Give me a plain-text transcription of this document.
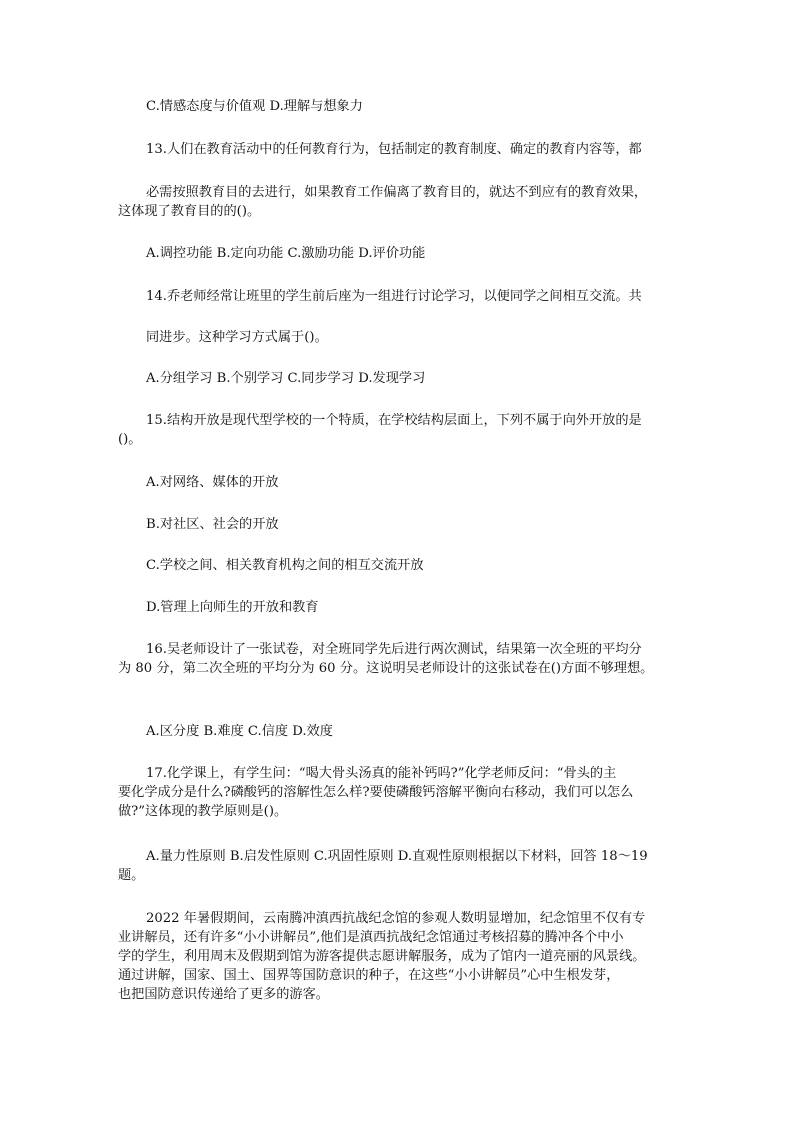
C.情感态度与价值观 D.理解与想象力
13.人们在教育活动中的任何教育行为，包括制定的教育制度、确定的教育内容等，都
必需按照教育目的去进行，如果教育工作偏离了教育目的，就达不到应有的教育效果，
这体现了教育目的的()。
A.调控功能 B.定向功能 C.激励功能 D.评价功能
14.乔老师经常让班里的学生前后座为一组进行讨论学习，以便同学之间相互交流。共
同进步。这种学习方式属于()。
A.分组学习 B.个别学习 C.同步学习 D.发现学习
15.结构开放是现代型学校的一个特质，在学校结构层面上，下列不属于向外开放的是
()。
A.对网络、媒体的开放
B.对社区、社会的开放
C.学校之间、相关教育机构之间的相互交流开放
D.管理上向师生的开放和教育
16.吴老师设计了一张试卷，对全班同学先后进行两次测试，结果第一次全班的平均分
为 80 分，第二次全班的平均分为 60 分。这说明吴老师设计的这张试卷在()方面不够理想。
A.区分度 B.难度 C.信度 D.效度
17.化学课上，有学生问：“喝大骨头汤真的能补钙吗?”化学老师反问：“骨头的主
要化学成分是什么?磷酸钙的溶解性怎么样?要使磷酸钙溶解平衡向右移动，我们可以怎么
做?”这体现的教学原则是()。
A.量力性原则 B.启发性原则 C.巩固性原则 D.直观性原则根据以下材料，回答 18～19
题。
2022 年暑假期间，云南腾冲滇西抗战纪念馆的参观人数明显增加，纪念馆里不仅有专
业讲解员，还有许多“小小讲解员”,他们是滇西抗战纪念馆通过考核招募的腾冲各个中小
学的学生，利用周末及假期到馆为游客提供志愿讲解服务，成为了馆内一道亮丽的风景线。
通过讲解，国家、国土、国界等国防意识的种子，在这些“小小讲解员”心中生根发芽，
也把国防意识传递给了更多的游客。
